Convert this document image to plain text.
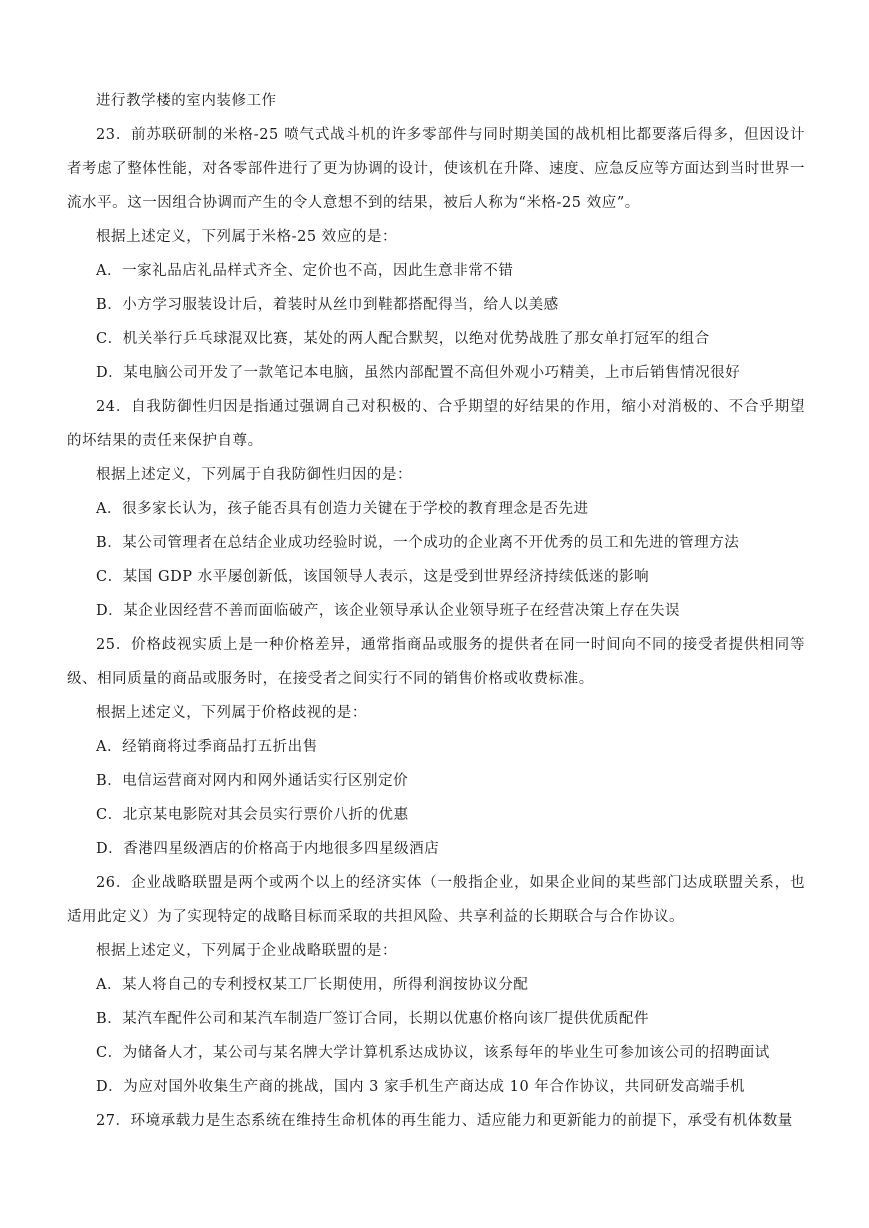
进行教学楼的室内装修工作
23．前苏联研制的米格-25 喷气式战斗机的许多零部件与同时期美国的战机相比都要落后得多，但因设计者考虑了整体性能，对各零部件进行了更为协调的设计，使该机在升降、速度、应急反应等方面达到当时世界一流水平。这一因组合协调而产生的令人意想不到的结果，被后人称为“米格-25 效应”。
根据上述定义，下列属于米格-25 效应的是：
A．一家礼品店礼品样式齐全、定价也不高，因此生意非常不错
B．小方学习服装设计后，着装时从丝巾到鞋都搭配得当，给人以美感
C．机关举行乒乓球混双比赛，某处的两人配合默契，以绝对优势战胜了那女单打冠军的组合
D．某电脑公司开发了一款笔记本电脑，虽然内部配置不高但外观小巧精美，上市后销售情况很好
24．自我防御性归因是指通过强调自己对积极的、合乎期望的好结果的作用，缩小对消极的、不合乎期望的坏结果的责任来保护自尊。
根据上述定义，下列属于自我防御性归因的是：
A．很多家长认为，孩子能否具有创造力关键在于学校的教育理念是否先进
B．某公司管理者在总结企业成功经验时说，一个成功的企业离不开优秀的员工和先进的管理方法
C．某国 GDP 水平屡创新低，该国领导人表示，这是受到世界经济持续低迷的影响
D．某企业因经营不善而面临破产，该企业领导承认企业领导班子在经营决策上存在失误
25．价格歧视实质上是一种价格差异，通常指商品或服务的提供者在同一时间向不同的接受者提供相同等级、相同质量的商品或服务时，在接受者之间实行不同的销售价格或收费标准。
根据上述定义，下列属于价格歧视的是：
A．经销商将过季商品打五折出售
B．电信运营商对网内和网外通话实行区别定价
C．北京某电影院对其会员实行票价八折的优惠
D．香港四星级酒店的价格高于内地很多四星级酒店
26．企业战略联盟是两个或两个以上的经济实体（一般指企业，如果企业间的某些部门达成联盟关系，也适用此定义）为了实现特定的战略目标而采取的共担风险、共享利益的长期联合与合作协议。
根据上述定义，下列属于企业战略联盟的是：
A．某人将自己的专利授权某工厂长期使用，所得利润按协议分配
B．某汽车配件公司和某汽车制造厂签订合同，长期以优惠价格向该厂提供优质配件
C．为储备人才，某公司与某名牌大学计算机系达成协议，该系每年的毕业生可参加该公司的招聘面试
D．为应对国外收集生产商的挑战，国内 3 家手机生产商达成 10 年合作协议，共同研发高端手机
27．环境承载力是生态系统在维持生命机体的再生能力、适应能力和更新能力的前提下，承受有机体数量
